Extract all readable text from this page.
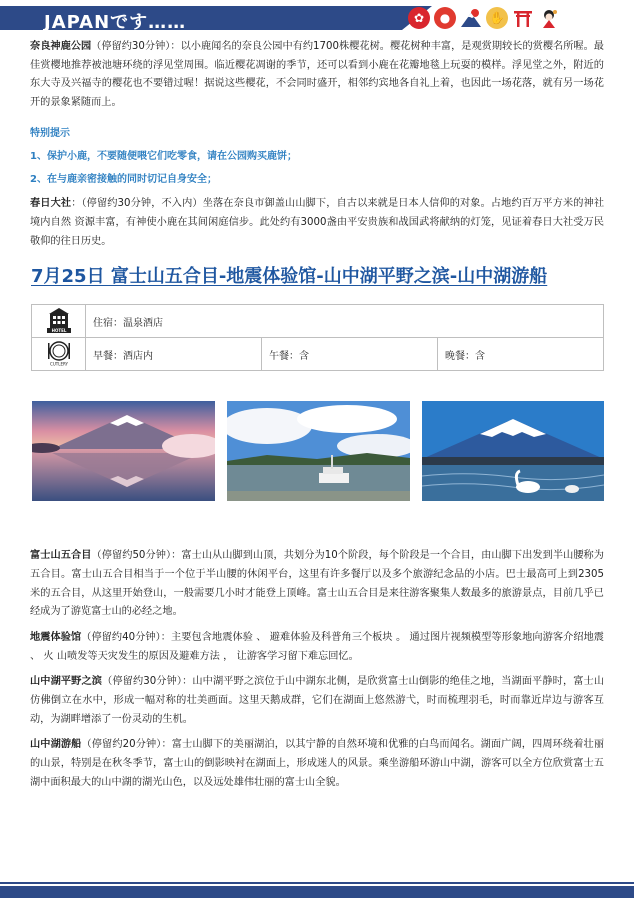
JAPANです……	✿	●	✋

奈良神鹿公园（停留约30分钟）：以小鹿闻名的奈良公园中有约1700株樱花树。樱花树种丰富，是观赏期较长的赏樱名所喔。最佳赏樱地推荐被池塘环绕的浮见堂周围。临近樱花凋谢的季节，还可以看到小鹿在花瓣地毯上玩耍的模样。浮见堂之外，附近的东大寺及兴福寺的樱花也不要错过喔！据说这些樱花，不会同时盛开，相邻约宾地各自礼上着，也因此一场花落，就有另一场花开的景象紧随而上。

特别提示
1、保护小鹿，不要随便喂它们吃零食，请在公园购买鹿饼；
2、在与鹿亲密接触的同时切记自身安全；

春日大社：（停留约30分钟，不入内）坐落在奈良市御盖山山脚下，自古以来就是日本人信仰的对象。占地约百万平方米的神社境内自然 资源丰富，有神使小鹿在其间闲庭信步。此处约有3000盏由平安贵族和战国武将献纳的灯笼，见证着春日大社受万民敬仰的往日历史。

7月25日 富士山五合目-地震体验馆-山中湖平野之滨-山中湖游船
HOTEL	住宿：温泉酒店		

CUTLERY	早餐：酒店内	午餐：含	晚餐：含

富士山五合目（停留约50分钟）：富士山从山脚到山顶，共划分为10个阶段，每个阶段是一个合目，由山脚下出发到半山腰称为五合目。富士山五合目相当于一个位于半山腰的休闲平台，这里有许多餐厅以及多个旅游纪念品的小店。巴士最高可上到2305米的五合目，从这里开始登山，一般需要几小时才能登上顶峰。富士山五合目是来往游客聚集人数最多的旅游景点，目前几乎已经成为了游览富士山的必经之地。

地震体验馆（停留约40分钟）：主要包含地震体验 、 避难体验及科普角三个板块 。 通过图片视频模型等形象地向游客介绍地震 、 火 山喷发等天灾发生的原因及避难方法 ， 让游客学习留下难忘回忆。

山中湖平野之滨（停留约30分钟）：山中湖平野之滨位于山中湖东北侧，是欣赏富士山倒影的绝佳之地，当湖面平静时，富士山仿佛倒立在水中，形成一幅对称的壮美画面。这里天鹅成群，它们在湖面上悠然游弋，时而梳理羽毛，时而靠近岸边与游客互动，为湖畔增添了一份灵动的生机。

山中湖游船（停留约20分钟）：富士山脚下的美丽湖泊，以其宁静的自然环境和优雅的白鸟而闻名。湖面广阔，四周环绕着壮丽的山景，特别是在秋冬季节，富士山的倒影映衬在湖面上，形成迷人的风景。乘坐游船环游山中湖，游客可以全方位欣赏富士五湖中面积最大的山中湖的湖光山色，以及远处雄伟壮丽的富士山全貌。
